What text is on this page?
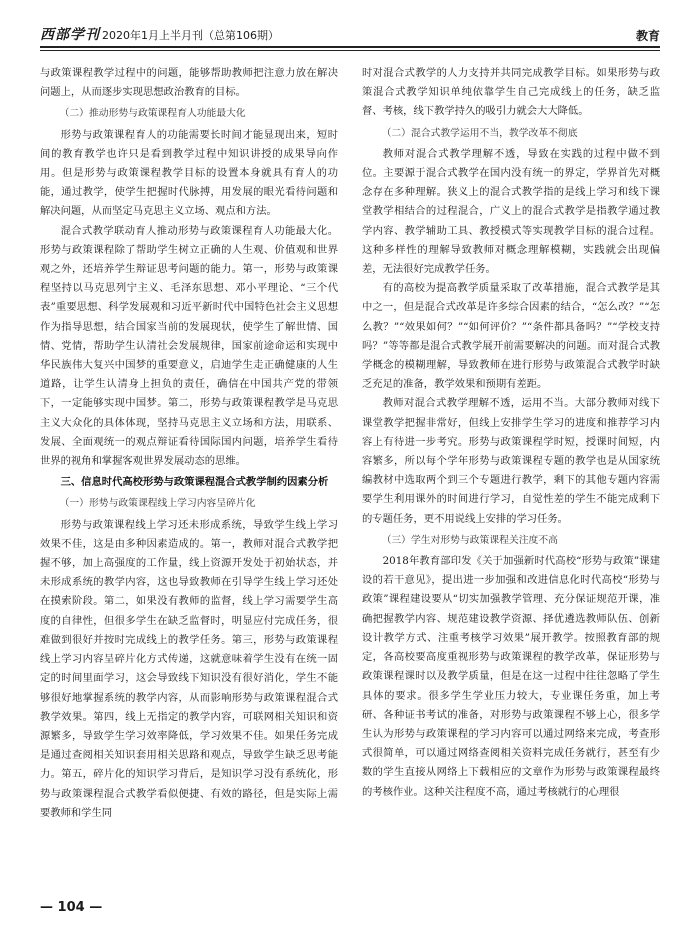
西部学刊 2020年1月上半月刊（总第106期）	教育

与政策课程教学过程中的问题，能够帮助教师把注意力放在解决问题上，从而逐步实现思想政治教育的目标。

（二）推动形势与政策课程育人功能最大化

形势与政策课程育人的功能需要长时间才能显现出来，短时间的教育教学也许只是看到教学过程中知识讲授的成果导向作用。但是形势与政策课程教学目标的设置本身就具有育人的功能，通过教学，使学生把握时代脉搏，用发展的眼光看待问题和解决问题，从而坚定马克思主义立场、观点和方法。

混合式教学联动育人推动形势与政策课程育人功能最大化。形势与政策课程除了帮助学生树立正确的人生观、价值观和世界观之外，还培养学生辩证思考问题的能力。第一，形势与政策课程坚持以马克思列宁主义、毛泽东思想、邓小平理论、“三个代表”重要思想、科学发展观和习近平新时代中国特色社会主义思想作为指导思想，结合国家当前的发展现状，使学生了解世情、国情、党情，帮助学生认清社会发展规律，国家前途命运和实现中华民族伟大复兴中国梦的重要意义，启迪学生走正确健康的人生道路，让学生认清身上担负的责任，确信在中国共产党的带领下，一定能够实现中国梦。第二，形势与政策课程教学是马克思主义大众化的具体体现，坚持马克思主义立场和方法，用联系、发展、全面观统一的观点辩证看待国际国内问题，培养学生看待世界的视角和掌握客观世界发展动态的思维。

三、信息时代高校形势与政策课程混合式教学制约因素分析

（一）形势与政策课程线上学习内容呈碎片化

形势与政策课程线上学习还未形成系统，导致学生线上学习效果不佳，这是由多种因素造成的。第一，教师对混合式教学把握不够，加上高强度的工作量，线上资源开发处于初始状态，并未形成系统的教学内容，这也导致教师在引导学生线上学习还处在摸索阶段。第二，如果没有教师的监督，线上学习需要学生高度的自律性，但很多学生在缺乏监督时，明显应付完成任务，很难做到很好并按时完成线上的教学任务。第三，形势与政策课程线上学习内容呈碎片化方式传递，这就意味着学生没有在统一固定的时间里面学习，这会导致线下知识没有很好消化，学生不能够很好地掌握系统的教学内容，从而影响形势与政策课程混合式教学效果。第四，线上无指定的教学内容，可联网相关知识和资源繁多，导致学生学习效率降低，学习效果不佳。如果任务完成是通过查阅相关知识套用相关思路和观点，导致学生缺乏思考能力。第五，碎片化的知识学习背后，是知识学习没有系统化，形势与政策课程混合式教学看似便捷、有效的路径，但是实际上需要教师和学生同

时对混合式教学的人力支持并共同完成教学目标。如果形势与政策混合式教学知识单纯依靠学生自己完成线上的任务，缺乏监督、考核，线下教学持久的吸引力就会大大降低。

（二）混合式教学运用不当，教学改革不彻底

教师对混合式教学理解不透，导致在实践的过程中做不到位。主要源于混合式教学在国内没有统一的界定，学界首先对概念存在多种理解。狭义上的混合式教学指的是线上学习和线下课堂教学相结合的过程混合，广义上的混合式教学是指教学通过教学内容、教学辅助工具、教授模式等实现教学目标的混合过程。这种多样性的理解导致教师对概念理解模糊，实践就会出现偏差，无法很好完成教学任务。

有的高校为提高教学质量采取了改革措施，混合式教学是其中之一，但是混合式改革是许多综合因素的结合，“怎么改？”“怎么教？”“效果如何？”“如何评价？”“条件都具备吗？”“学校支持吗？”等等都是混合式教学展开前需要解决的问题。而对混合式教学概念的模糊理解，导致教师在进行形势与政策混合式教学时缺乏充足的准备，教学效果和预期有差距。

教师对混合式教学理解不透，运用不当。大部分教师对线下课堂教学把握非常好，但线上安排学生学习的进度和推荐学习内容上有待进一步考究。形势与政策课程学时短，授课时间短，内容繁多，所以每个学年形势与政策课程专题的教学也是从国家统编教材中选取两个到三个专题进行教学，剩下的其他专题内容需要学生利用课外的时间进行学习，自觉性差的学生不能完成剩下的专题任务，更不用说线上安排的学习任务。

（三）学生对形势与政策课程关注度不高

2018年教育部印发《关于加强新时代高校“形势与政策”课建设的若干意见》，提出进一步加强和改进信息化时代高校“形势与政策”课程建设要从“切实加强教学管理、充分保证规范开课，准确把握教学内容、规范建设教学资源、择优遴选教师队伍、创新设计教学方式、注重考核学习效果”展开教学。按照教育部的规定，各高校要高度重视形势与政策课程的教学改革，保证形势与政策课程课时以及教学质量，但是在这一过程中往往忽略了学生具体的要求。很多学生学业压力较大，专业课任务重，加上考研、各种证书考试的准备，对形势与政策课程不够上心，很多学生认为形势与政策课程的学习内容可以通过网络来完成，考查形式很简单，可以通过网络查阅相关资料完成任务就行，甚至有少数的学生直接从网络上下载相应的文章作为形势与政策课程最终的考核作业。这种关注程度不高，通过考核就行的心理很

— 104 —
